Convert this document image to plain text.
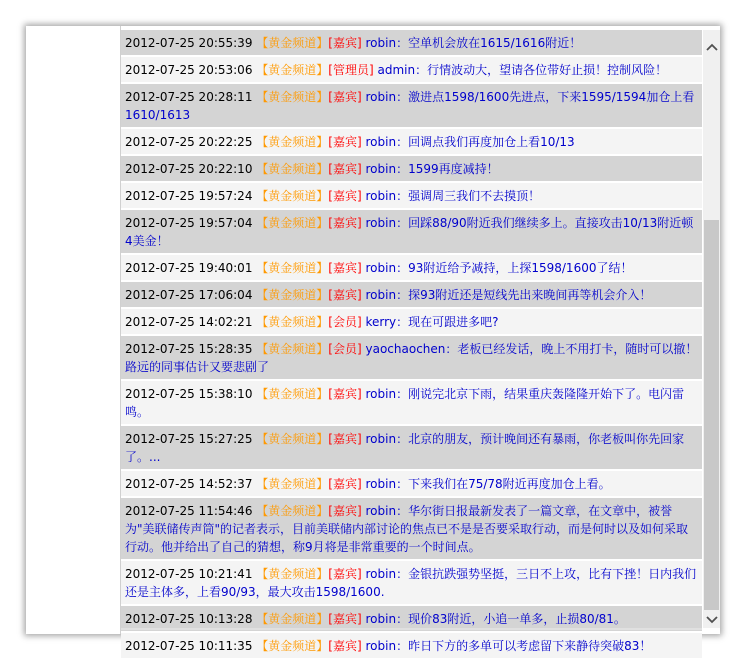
2012-07-25 20:55:39 【黄金频道】[嘉宾] robin：空单机会放在1615/1616附近！
2012-07-25 20:53:06 【黄金频道】[管理员] admin：行情波动大，望请各位带好止损！控制风险！
2012-07-25 20:28:11 【黄金频道】[嘉宾] robin：激进点1598/1600先进点，下来1595/1594加仓上看1610/1613
2012-07-25 20:22:25 【黄金频道】[嘉宾] robin：回调点我们再度加仓上看10/13
2012-07-25 20:22:10 【黄金频道】[嘉宾] robin：1599再度减持！
2012-07-25 19:57:24 【黄金频道】[嘉宾] robin：强调周三我们不去摸顶！
2012-07-25 19:57:04 【黄金频道】[嘉宾] robin：回踩88/90附近我们继续多上。直接攻击10/13附近顿4美金！
2012-07-25 19:40:01 【黄金频道】[嘉宾] robin：93附近给予减持，上探1598/1600了结！
2012-07-25 17:06:04 【黄金频道】[嘉宾] robin：探93附近还是短线先出来晚间再等机会介入！
2012-07-25 14:02:21 【黄金频道】[会员] kerry：现在可跟进多吧?
2012-07-25 15:28:35 【黄金频道】[会员] yaochaochen：老板已经发话，晚上不用打卡，随时可以撤！路远的同事估计又要悲剧了
2012-07-25 15:38:10 【黄金频道】[嘉宾] robin：刚说完北京下雨，结果重庆轰隆隆开始下了。电闪雷鸣。
2012-07-25 15:27:25 【黄金频道】[嘉宾] robin：北京的朋友，预计晚间还有暴雨，你老板叫你先回家了。...
2012-07-25 14:52:37 【黄金频道】[嘉宾] robin：下来我们在75/78附近再度加仓上看。
2012-07-25 11:54:46 【黄金频道】[嘉宾] robin：华尔街日报最新发表了一篇文章，在文章中，被誉为"美联储传声筒"的记者表示，目前美联储内部讨论的焦点已不是是否要采取行动，而是何时以及如何采取行动。他并给出了自己的猜想，称9月将是非常重要的一个时间点。
2012-07-25 10:21:41 【黄金频道】[嘉宾] robin：金银抗跌强势坚挺，三日不上攻，比有下挫！日内我们还是主体多，上看90/93，最大攻击1598/1600.
2012-07-25 10:13:28 【黄金频道】[嘉宾] robin：现价83附近，小追一单多，止损80/81。
2012-07-25 10:11:35 【黄金频道】[嘉宾] robin：昨日下方的多单可以考虑留下来静待突破83！
